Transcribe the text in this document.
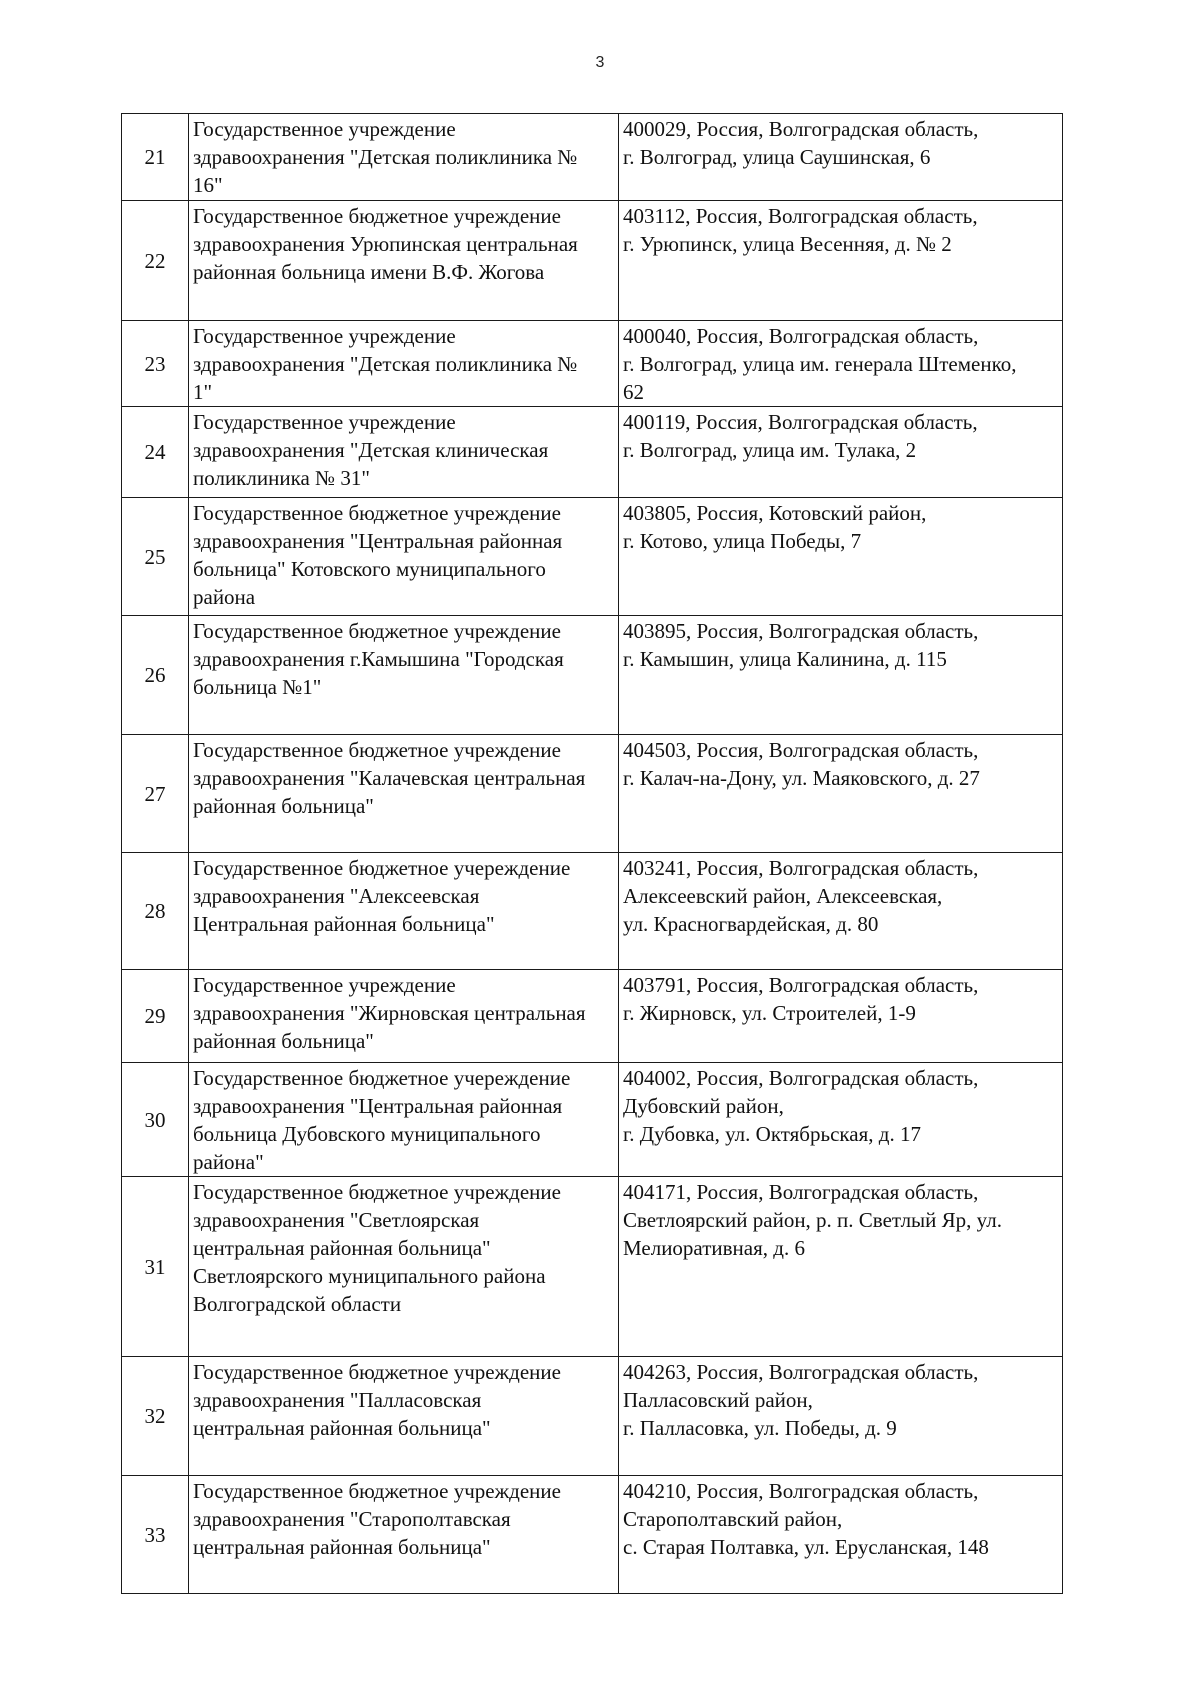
3
21	Государственное учреждение
здравоохранения "Детская поликлиника №
16"	400029, Россия, Волгоградская область,
г. Волгоград, улица Саушинская, 6

22	Государственное бюджетное учреждение
здравоохранения Урюпинская центральная
районная больница имени В.Ф. Жогова	403112, Россия, Волгоградская область,
г. Урюпинск, улица Весенняя, д. № 2

23	Государственное учреждение
здравоохранения "Детская поликлиника №
1"	400040, Россия, Волгоградская область,
г. Волгоград, улица им. генерала Штеменко,
62

24	Государственное учреждение
здравоохранения "Детская клиническая
поликлиника № 31"	400119, Россия, Волгоградская область,
г. Волгоград, улица им. Тулака, 2

25	Государственное бюджетное учреждение
здравоохранения "Центральная районная
больница" Котовского муниципального
района	403805, Россия, Котовский район,
г. Котово, улица Победы, 7

26	Государственное бюджетное учреждение
здравоохранения г.Камышина "Городская
больница №1"	403895, Россия, Волгоградская область,
г. Камышин, улица Калинина, д. 115

27	Государственное бюджетное учреждение
здравоохранения "Калачевская центральная
районная больница"	404503, Россия, Волгоградская область,
г. Калач-на-Дону, ул. Маяковского, д. 27

28	Государственное бюджетное учереждение
здравоохранения "Алексеевская
Центральная районная больница"	403241, Россия, Волгоградская область,
Алексеевский район, Алексеевская,
ул. Красногвардейская, д. 80

29	Государственное учреждение
здравоохранения "Жирновская центральная
районная больница"	403791, Россия, Волгоградская область,
г. Жирновск, ул. Строителей, 1-9

30	Государственное бюджетное учереждение
здравоохранения "Центральная районная
больница Дубовского муниципального
района"	404002, Россия, Волгоградская область,
Дубовский район,
г. Дубовка, ул. Октябрьская, д. 17

31	Государственное бюджетное учреждение
здравоохранения "Светлоярская
центральная районная больница"
Светлоярского муниципального района
Волгоградской области	404171, Россия, Волгоградская область,
Светлоярский район, р. п. Светлый Яр, ул.
Мелиоративная, д. 6

32	Государственное бюджетное учреждение
здравоохранения "Палласовская
центральная районная больница"	404263, Россия, Волгоградская область,
Палласовский район,
г. Палласовка, ул. Победы, д. 9

33	Государственное бюджетное учреждение
здравоохранения "Старополтавская
центральная районная больница"	404210, Россия, Волгоградская область,
Старополтавский район,
с. Старая Полтавка, ул. Ерусланская, 148
